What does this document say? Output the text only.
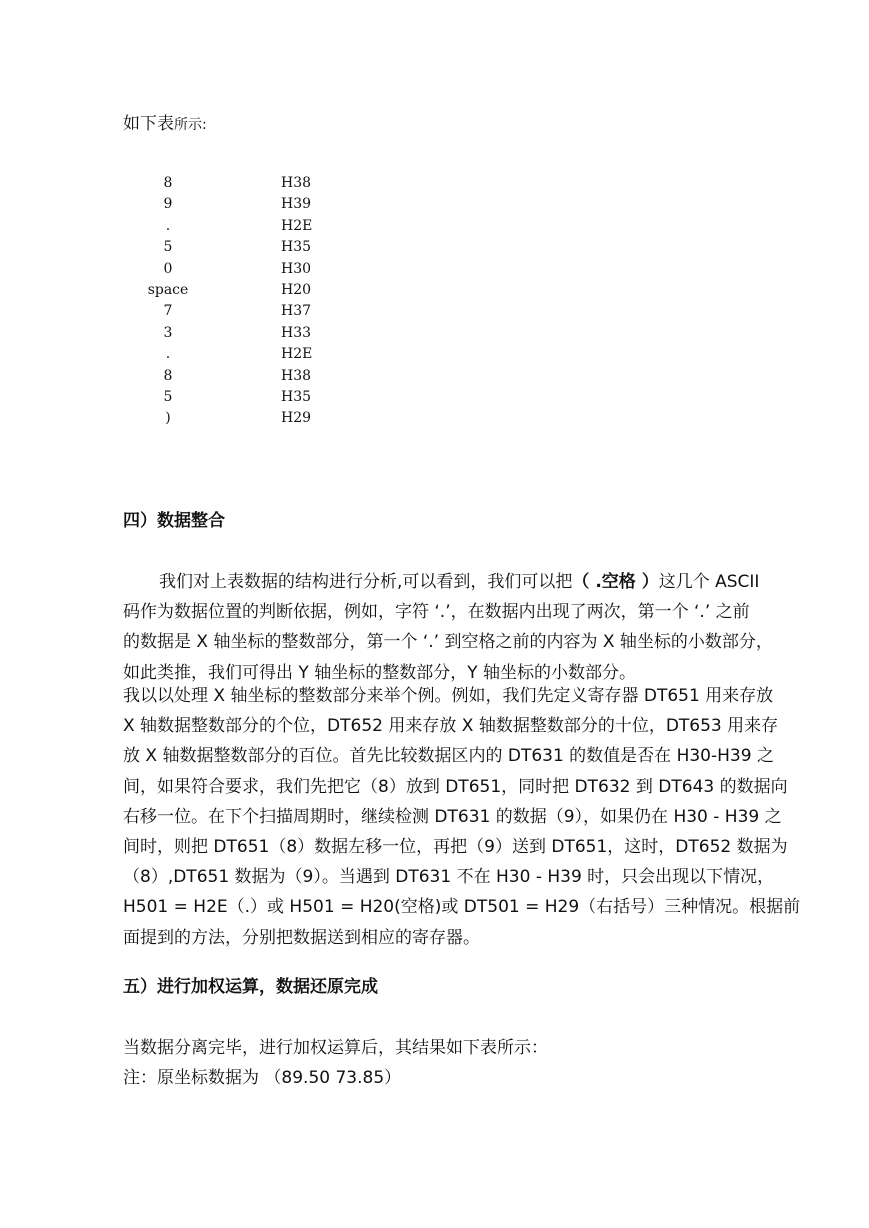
如下表所示:
8	H38
9	H39
.	H2E
5	H35
0	H30
space	H20
7	H37
3	H33
.	H2E
8	H38
5	H35
)	H29
四）数据整合
我们对上表数据的结构进行分析,可以看到，我们可以把（ .空格 ）这几个 ASCII
码作为数据位置的判断依据，例如，字符 ‘.’，在数据内出现了两次，第一个 ‘.’ 之前
的数据是 X 轴坐标的整数部分，第一个 ‘.’ 到空格之前的内容为 X 轴坐标的小数部分，
如此类推，我们可得出 Y 轴坐标的整数部分，Y 轴坐标的小数部分。
我以以处理 X 轴坐标的整数部分来举个例。例如，我们先定义寄存器 DT651 用来存放
X 轴数据整数部分的个位，DT652 用来存放 X 轴数据整数部分的十位，DT653 用来存
放 X 轴数据整数部分的百位。首先比较数据区内的 DT631 的数值是否在 H30-H39 之
间，如果符合要求，我们先把它（8）放到 DT651，同时把 DT632 到 DT643 的数据向
右移一位。在下个扫描周期时，继续检测 DT631 的数据（9），如果仍在 H30 - H39 之
间时，则把 DT651（8）数据左移一位，再把（9）送到 DT651，这时，DT652 数据为
（8）,DT651 数据为（9）。当遇到 DT631 不在 H30 - H39 时，只会出现以下情况，
H501 = H2E（.）或 H501 = H20(空格)或 DT501 = H29（右括号）三种情况。根据前
面提到的方法，分别把数据送到相应的寄存器。
五）进行加权运算，数据还原完成
当数据分离完毕，进行加权运算后，其结果如下表所示：
注：原坐标数据为 （89.50 73.85）
